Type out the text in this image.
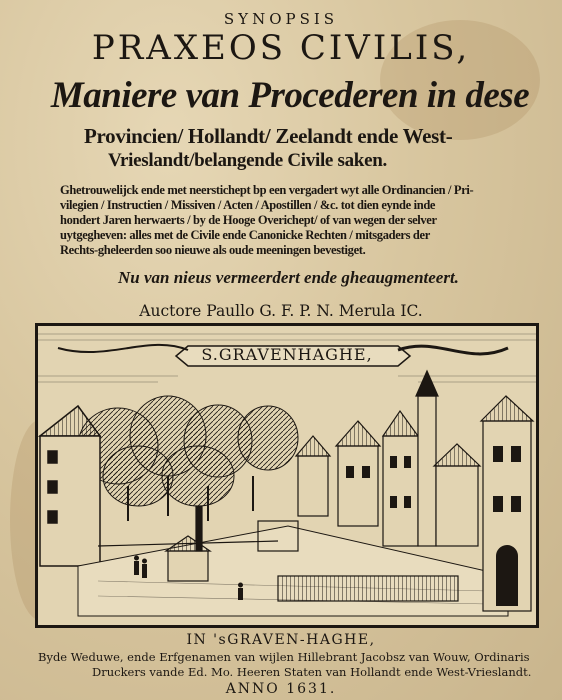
SYNOPSIS
PRAXEOS CIVILIS,
Maniere van Procederen in dese
Provincien/ Hollandt/ Zeelandt ende West-
Vrieslandt/belangende Civile saken.
Ghetrouwelijck ende met neerstichept bp een vergadert wyt alle Ordinancien / Pri-
vilegien / Instructien / Missiven / Acten / Apostillen / &c. tot dien eynde inde
hondert Jaren herwaerts / by de Hooge Overichept/ of van wegen der selver
uytgegheven: alles met de Civile ende Canonicke Rechten / mitsgaders der
Rechts-gheleerden soo nieuwe als oude meeningen bevestiget.
Nu van nieus vermeerdert ende gheaugmenteert.
Auctore Paullo G. F. P. N. Merula IC.
S.GRAVENHAGHE,
IN 'sGRAVEN-HAGHE,
Byde Weduwe, ende Erfgenamen van wijlen Hillebrant Jacobsz van Wouw, Ordinaris
Druckers vande Ed. Mo. Heeren Staten van Hollandt ende West-Vrieslandt.
ANNO 1631.
